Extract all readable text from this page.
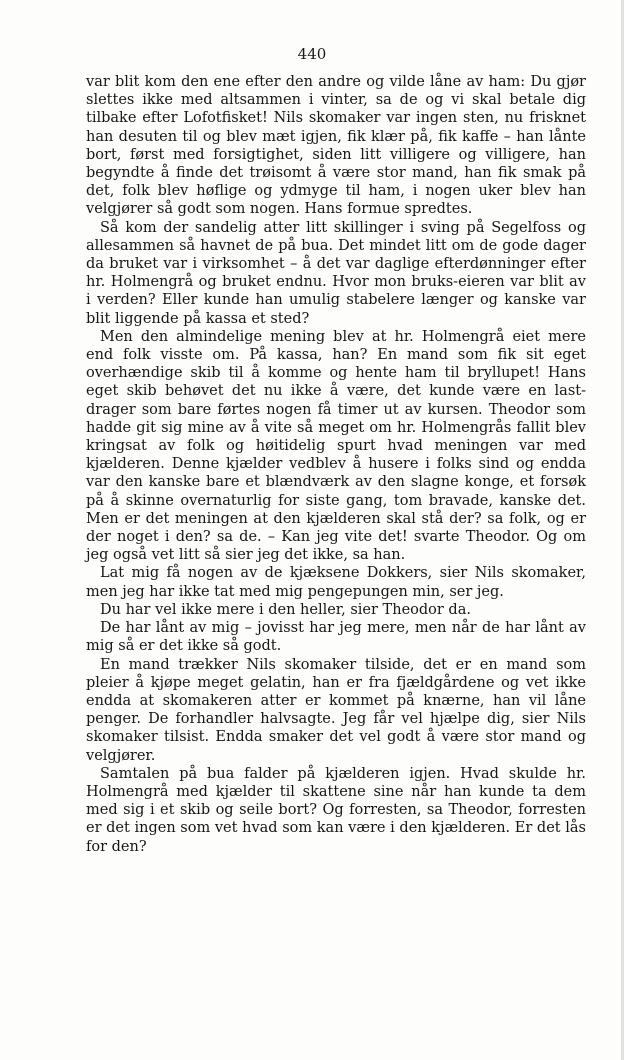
440

var blit kom den ene efter den andre og vilde låne av ham: Du gjør slettes ikke med altsammen i vinter, sa de og vi skal betale dig tilbake efter Lofotfisket! Nils skomaker var ingen sten, nu frisknet han desuten til og blev mæt igjen, fik klær på, fik kaffe – han lånte bort, først med forsigtighet, siden litt villigere og villigere, han begyndte å finde det trøisomt å være stor mand, han fik smak på det, folk blev høflige og ydmyge til ham, i nogen uker blev han velgjører så godt som nogen. Hans formue spredtes.

Så kom der sandelig atter litt skillinger i sving på Segelfoss og allesammen så havnet de på bua. Det mindet litt om de gode dager da bruket var i virksomhet – å det var daglige efterdønninger efter hr. Holmengrå og bruket endnu. Hvor mon bruks-eieren var blit av i verden? Eller kunde han umulig stabelere længer og kanske var blit liggende på kassa et sted?

Men den almindelige mening blev at hr. Holmengrå eiet mere end folk visste om. På kassa, han? En mand som fik sit eget overhændige skib til å komme og hente ham til bryllupet! Hans eget skib behøvet det nu ikke å være, det kunde være en last-drager som bare førtes nogen få timer ut av kursen. Theodor som hadde git sig mine av å vite så meget om hr. Holmengrås fallit blev kringsat av folk og høitidelig spurt hvad meningen var med kjælderen. Denne kjælder vedblev å husere i folks sind og endda var den kanske bare et blændværk av den slagne konge, et forsøk på å skinne overnaturlig for siste gang, tom bravade, kanske det. Men er det meningen at den kjælderen skal stå der? sa folk, og er der noget i den? sa de. – Kan jeg vite det! svarte Theodor. Og om jeg også vet litt så sier jeg det ikke, sa han.

Lat mig få nogen av de kjæksene Dokkers, sier Nils skomaker, men jeg har ikke tat med mig pengepungen min, ser jeg.

Du har vel ikke mere i den heller, sier Theodor da.

De har lånt av mig – jovisst har jeg mere, men når de har lånt av mig så er det ikke så godt.

En mand trækker Nils skomaker tilside, det er en mand som pleier å kjøpe meget gelatin, han er fra fjældgårdene og vet ikke endda at skomakeren atter er kommet på knærne, han vil låne penger. De forhandler halvsagte. Jeg får vel hjælpe dig, sier Nils skomaker tilsist. Endda smaker det vel godt å være stor mand og velgjører.

Samtalen på bua falder på kjælderen igjen. Hvad skulde hr. Holmengrå med kjælder til skattene sine når han kunde ta dem med sig i et skib og seile bort? Og forresten, sa Theodor, forresten er det ingen som vet hvad som kan være i den kjælderen. Er det lås for den?
